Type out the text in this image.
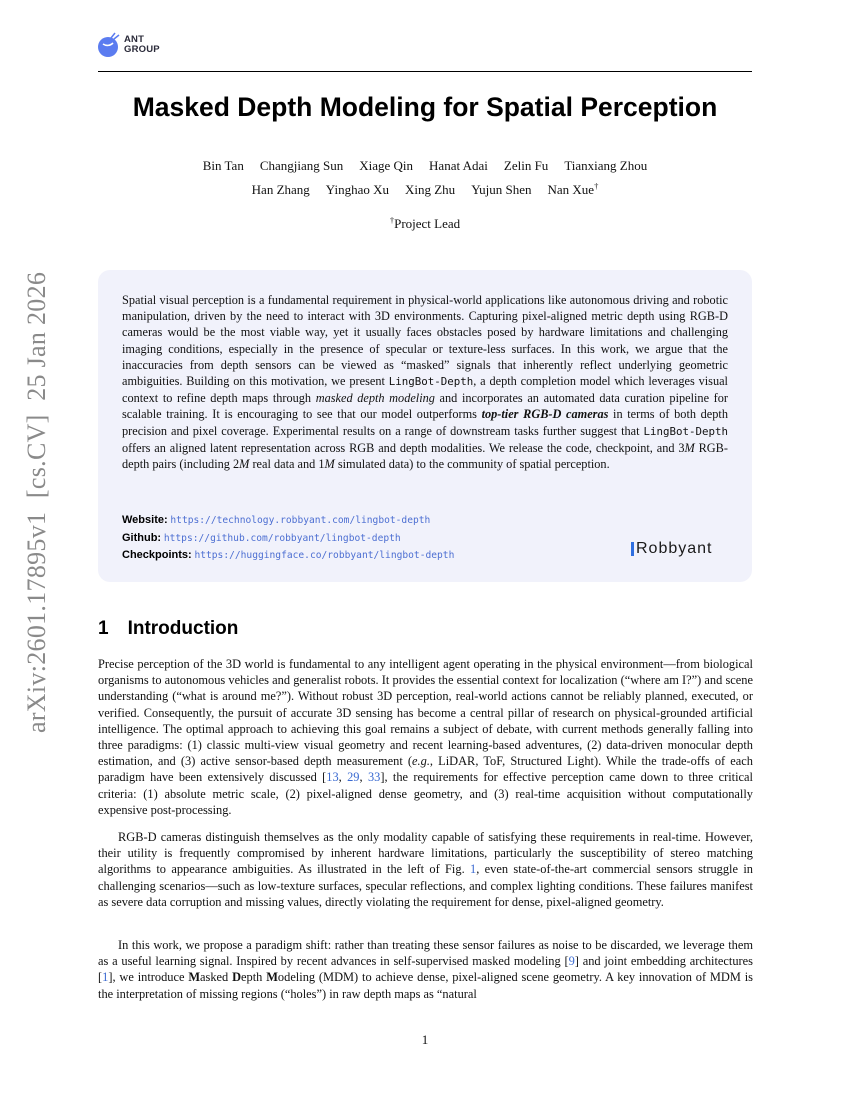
ANT
GROUP
Masked Depth Modeling for Spatial Perception
Bin Tan Changjiang Sun Xiage Qin Hanat Adai Zelin Fu Tianxiang Zhou
Han Zhang Yinghao Xu Xing Zhu Yujun Shen Nan Xue†
†Project Lead
Spatial visual perception is a fundamental requirement in physical-world applications like autonomous driving and robotic manipulation, driven by the need to interact with 3D environments. Capturing pixel-aligned metric depth using RGB-D cameras would be the most viable way, yet it usually faces obstacles posed by hardware limitations and challenging imaging conditions, especially in the presence of specular or texture-less surfaces. In this work, we argue that the inaccuracies from depth sensors can be viewed as “masked” signals that inherently reflect underlying geometric ambiguities. Building on this motivation, we present LingBot-Depth, a depth completion model which leverages visual context to refine depth maps through masked depth modeling and incorporates an automated data curation pipeline for scalable training. It is encouraging to see that our model outperforms top-tier RGB-D cameras in terms of both depth precision and pixel coverage. Experimental results on a range of downstream tasks further suggest that LingBot-Depth offers an aligned latent representation across RGB and depth modalities. We release the code, checkpoint, and 3M RGB-depth pairs (including 2M real data and 1M simulated data) to the community of spatial perception.
Website: https://technology.robbyant.com/lingbot-depth
Github: https://github.com/robbyant/lingbot-depth
Checkpoints: https://huggingface.co/robbyant/lingbot-depth	Robbyant
arXiv:2601.17895v1  [cs.CV]  25 Jan 2026 1 Introduction
Precise perception of the 3D world is fundamental to any intelligent agent operating in the physical environment—from biological organisms to autonomous vehicles and generalist robots. It provides the essential context for localization (“where am I?”) and scene understanding (“what is around me?”). Without robust 3D perception, real-world actions cannot be reliably planned, executed, or verified. Consequently, the pursuit of accurate 3D sensing has become a central pillar of research on physical-grounded artificial intelligence. The optimal approach to achieving this goal remains a subject of debate, with current methods generally falling into three paradigms: (1) classic multi-view visual geometry and recent learning-based adventures, (2) data-driven monocular depth estimation, and (3) active sensor-based depth measurement (e.g., LiDAR, ToF, Structured Light). While the trade-offs of each paradigm have been extensively discussed [13, 29, 33], the requirements for effective perception came down to three critical criteria: (1) absolute metric scale, (2) pixel-aligned dense geometry, and (3) real-time acquisition without computationally expensive post-processing.
RGB-D cameras distinguish themselves as the only modality capable of satisfying these requirements in real-time. However, their utility is frequently compromised by inherent hardware limitations, particularly the susceptibility of stereo matching algorithms to appearance ambiguities. As illustrated in the left of Fig. 1, even state-of-the-art commercial sensors struggle in challenging scenarios—such as low-texture surfaces, specular reflections, and complex lighting conditions. These failures manifest as severe data corruption and missing values, directly violating the requirement for dense, pixel-aligned geometry.
In this work, we propose a paradigm shift: rather than treating these sensor failures as noise to be discarded, we leverage them as a useful learning signal. Inspired by recent advances in self-supervised masked modeling [9] and joint embedding architectures [1], we introduce Masked Depth Modeling (MDM) to achieve dense, pixel-aligned scene geometry. A key innovation of MDM is the interpretation of missing regions (“holes”) in raw depth maps as “natural
1
